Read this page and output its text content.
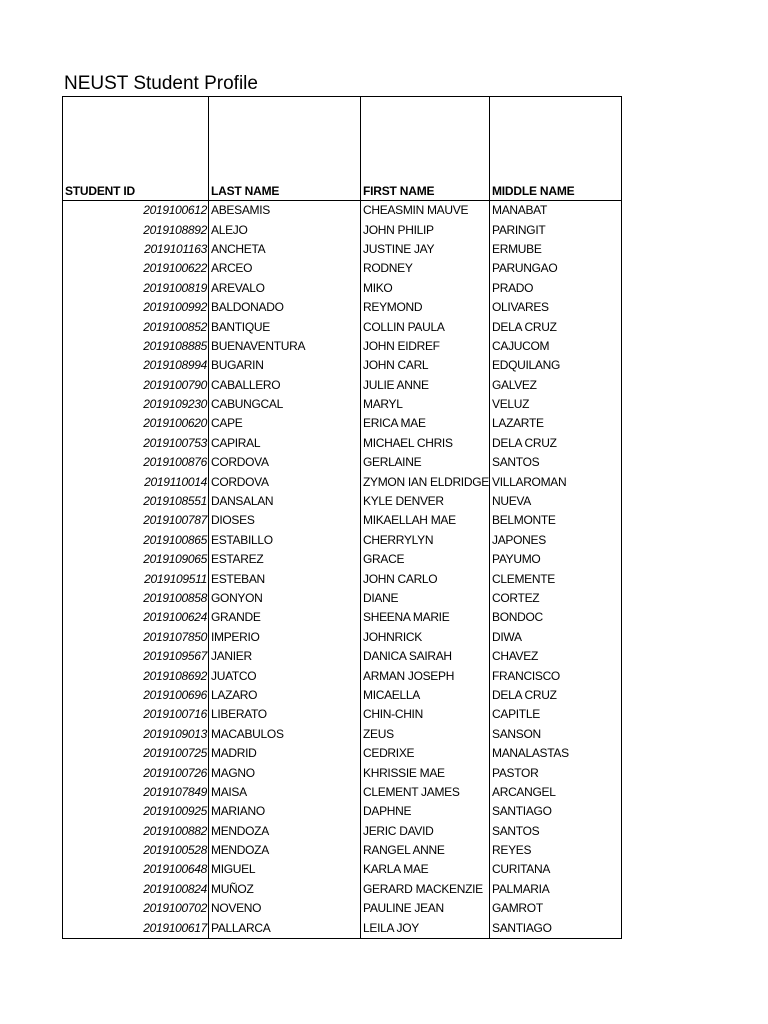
NEUST Student Profile
STUDENT ID	LAST NAME	FIRST NAME	MIDDLE NAME
2019100612	ABESAMIS	CHEASMIN MAUVE	MANABAT
2019108892	ALEJO	JOHN PHILIP	PARINGIT
2019101163	ANCHETA	JUSTINE JAY	ERMUBE
2019100622	ARCEO	RODNEY	PARUNGAO
2019100819	AREVALO	MIKO	PRADO
2019100992	BALDONADO	REYMOND	OLIVARES
2019100852	BANTIQUE	COLLIN PAULA	DELA CRUZ
2019108885	BUENAVENTURA	JOHN EIDREF	CAJUCOM
2019108994	BUGARIN	JOHN CARL	EDQUILANG
2019100790	CABALLERO	JULIE ANNE	GALVEZ
2019109230	CABUNGCAL	MARYL	VELUZ
2019100620	CAPE	ERICA MAE	LAZARTE
2019100753	CAPIRAL	MICHAEL CHRIS	DELA CRUZ
2019100876	CORDOVA	GERLAINE	SANTOS
2019110014	CORDOVA	ZYMON IAN ELDRIDGE	VILLAROMAN
2019108551	DANSALAN	KYLE DENVER	NUEVA
2019100787	DIOSES	MIKAELLAH MAE	BELMONTE
2019100865	ESTABILLO	CHERRYLYN	JAPONES
2019109065	ESTAREZ	GRACE	PAYUMO
2019109511	ESTEBAN	JOHN CARLO	CLEMENTE
2019100858	GONYON	DIANE	CORTEZ
2019100624	GRANDE	SHEENA MARIE	BONDOC
2019107850	IMPERIO	JOHNRICK	DIWA
2019109567	JANIER	DANICA SAIRAH	CHAVEZ
2019108692	JUATCO	ARMAN JOSEPH	FRANCISCO
2019100696	LAZARO	MICAELLA	DELA CRUZ
2019100716	LIBERATO	CHIN-CHIN	CAPITLE
2019109013	MACABULOS	ZEUS	SANSON
2019100725	MADRID	CEDRIXE	MANALASTAS
2019100726	MAGNO	KHRISSIE MAE	PASTOR
2019107849	MAISA	CLEMENT JAMES	ARCANGEL
2019100925	MARIANO	DAPHNE	SANTIAGO
2019100882	MENDOZA	JERIC DAVID	SANTOS
2019100528	MENDOZA	RANGEL ANNE	REYES
2019100648	MIGUEL	KARLA MAE	CURITANA
2019100824	MUÑOZ	GERARD MACKENZIE	PALMARIA
2019100702	NOVENO	PAULINE JEAN	GAMROT
2019100617	PALLARCA	LEILA JOY	SANTIAGO
